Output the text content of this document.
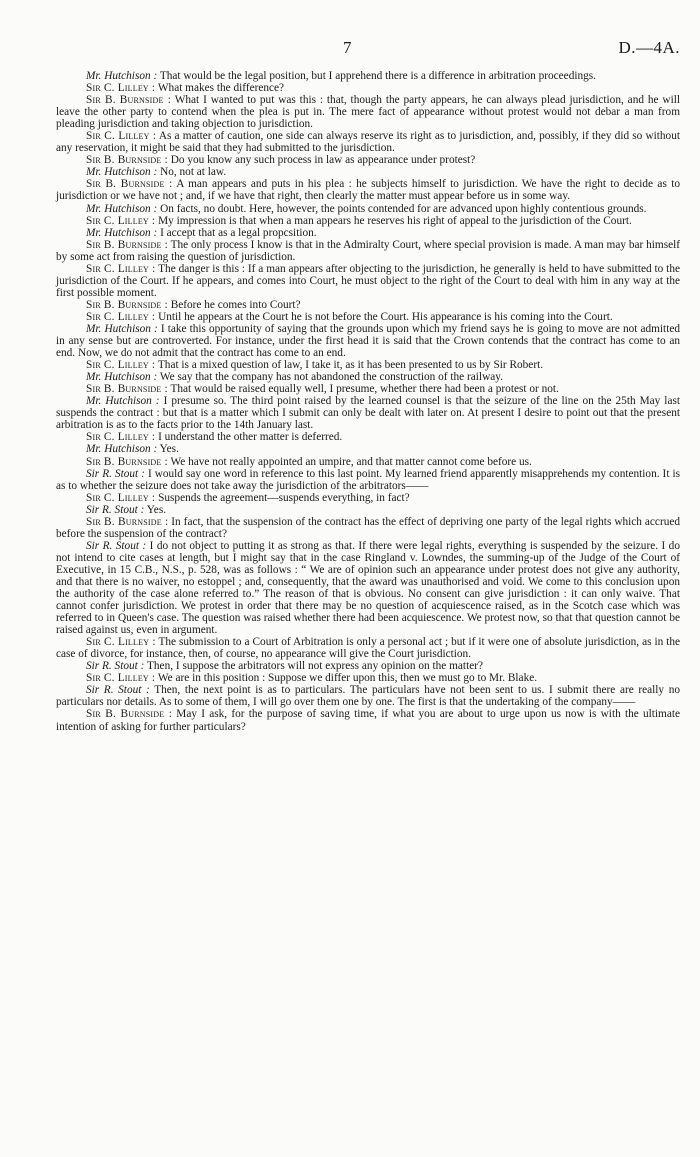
7	D.—4A.

Mr. Hutchison : That would be the legal position, but I apprehend there is a difference in arbitration proceedings.

Sir C. Lilley : What makes the difference?

Sir B. Burnside : What I wanted to put was this : that, though the party appears, he can always plead jurisdiction, and he will leave the other party to contend when the plea is put in. The mere fact of appearance without protest would not debar a man from pleading jurisdiction and taking objection to jurisdiction.

Sir C. Lilley : As a matter of caution, one side can always reserve its right as to jurisdiction, and, possibly, if they did so without any reservation, it might be said that they had submitted to the jurisdiction.

Sir B. Burnside : Do you know any such process in law as appearance under protest?

Mr. Hutchison : No, not at law.

Sir B. Burnside : A man appears and puts in his plea : he subjects himself to jurisdiction. We have the right to decide as to jurisdiction or we have not ; and, if we have that right, then clearly the matter must appear before us in some way.

Mr. Hutchison : On facts, no doubt. Here, however, the points contended for are advanced upon highly contentious grounds.

Sir C. Lilley : My impression is that when a man appears he reserves his right of appeal to the jurisdiction of the Court.

Mr. Hutchison : I accept that as a legal propcsition.

Sir B. Burnside : The only process I know is that in the Admiralty Court, where special provision is made. A man may bar himself by some act from raising the question of jurisdiction.

Sir C. Lilley : The danger is this : If a man appears after objecting to the jurisdiction, he generally is held to have submitted to the jurisdiction of the Court. If he appears, and comes into Court, he must object to the right of the Court to deal with him in any way at the first possible moment.

Sir B. Burnside : Before he comes into Court?

Sir C. Lilley : Until he appears at the Court he is not before the Court. His appearance is his coming into the Court.

Mr. Hutchison : I take this opportunity of saying that the grounds upon which my friend says he is going to move are not admitted in any sense but are controverted. For instance, under the first head it is said that the Crown contends that the contract has come to an end. Now, we do not admit that the contract has come to an end.

Sir C. Lilley : That is a mixed question of law, I take it, as it has been presented to us by Sir Robert.

Mr. Hutchison : We say that the company has not abandoned the construction of the railway.

Sir B. Burnside : That would be raised equally well, I presume, whether there had been a protest or not.

Mr. Hutchison : I presume so. The third point raised by the learned counsel is that the seizure of the line on the 25th May last suspends the contract : but that is a matter which I submit can only be dealt with later on. At present I desire to point out that the present arbitration is as to the facts prior to the 14th January last.

Sir C. Lilley : I understand the other matter is deferred.

Mr. Hutchison : Yes.

Sir B. Burnside : We have not really appointed an umpire, and that matter cannot come before us.

Sir R. Stout : I would say one word in reference to this last point. My learned friend apparently misapprehends my contention. It is as to whether the seizure does not take away the jurisdiction of the arbitrators——

Sir C. Lilley : Suspends the agreement—suspends everything, in fact?

Sir R. Stout : Yes.

Sir B. Burnside : In fact, that the suspension of the contract has the effect of depriving one party of the legal rights which accrued before the suspension of the contract?

Sir R. Stout : I do not object to putting it as strong as that. If there were legal rights, everything is suspended by the seizure. I do not intend to cite cases at length, but I might say that in the case Ringland v. Lowndes, the summing-up of the Judge of the Court of Executive, in 15 C.B., N.S., p. 528, was as follows : “ We are of opinion such an appearance under protest does not give any authority, and that there is no waiver, no estoppel ; and, consequently, that the award was unauthorised and void. We come to this conclusion upon the authority of the case alone referred to.” The reason of that is obvious. No consent can give jurisdiction : it can only waive. That cannot confer jurisdiction. We protest in order that there may be no question of acquiescence raised, as in the Scotch case which was referred to in Queen's case. The question was raised whether there had been acquiescence. We protest now, so that that question cannot be raised against us, even in argument.

Sir C. Lilley : The submission to a Court of Arbitration is only a personal act ; but if it were one of absolute jurisdiction, as in the case of divorce, for instance, then, of course, no appearance will give the Court jurisdiction.

Sir R. Stout : Then, I suppose the arbitrators will not express any opinion on the matter?

Sir C. Lilley : We are in this position : Suppose we differ upon this, then we must go to Mr. Blake.

Sir R. Stout : Then, the next point is as to particulars. The particulars have not been sent to us. I submit there are really no particulars nor details. As to some of them, I will go over them one by one. The first is that the undertaking of the company——

Sir B. Burnside : May I ask, for the purpose of saving time, if what you are about to urge upon us now is with the ultimate intention of asking for further particulars?
